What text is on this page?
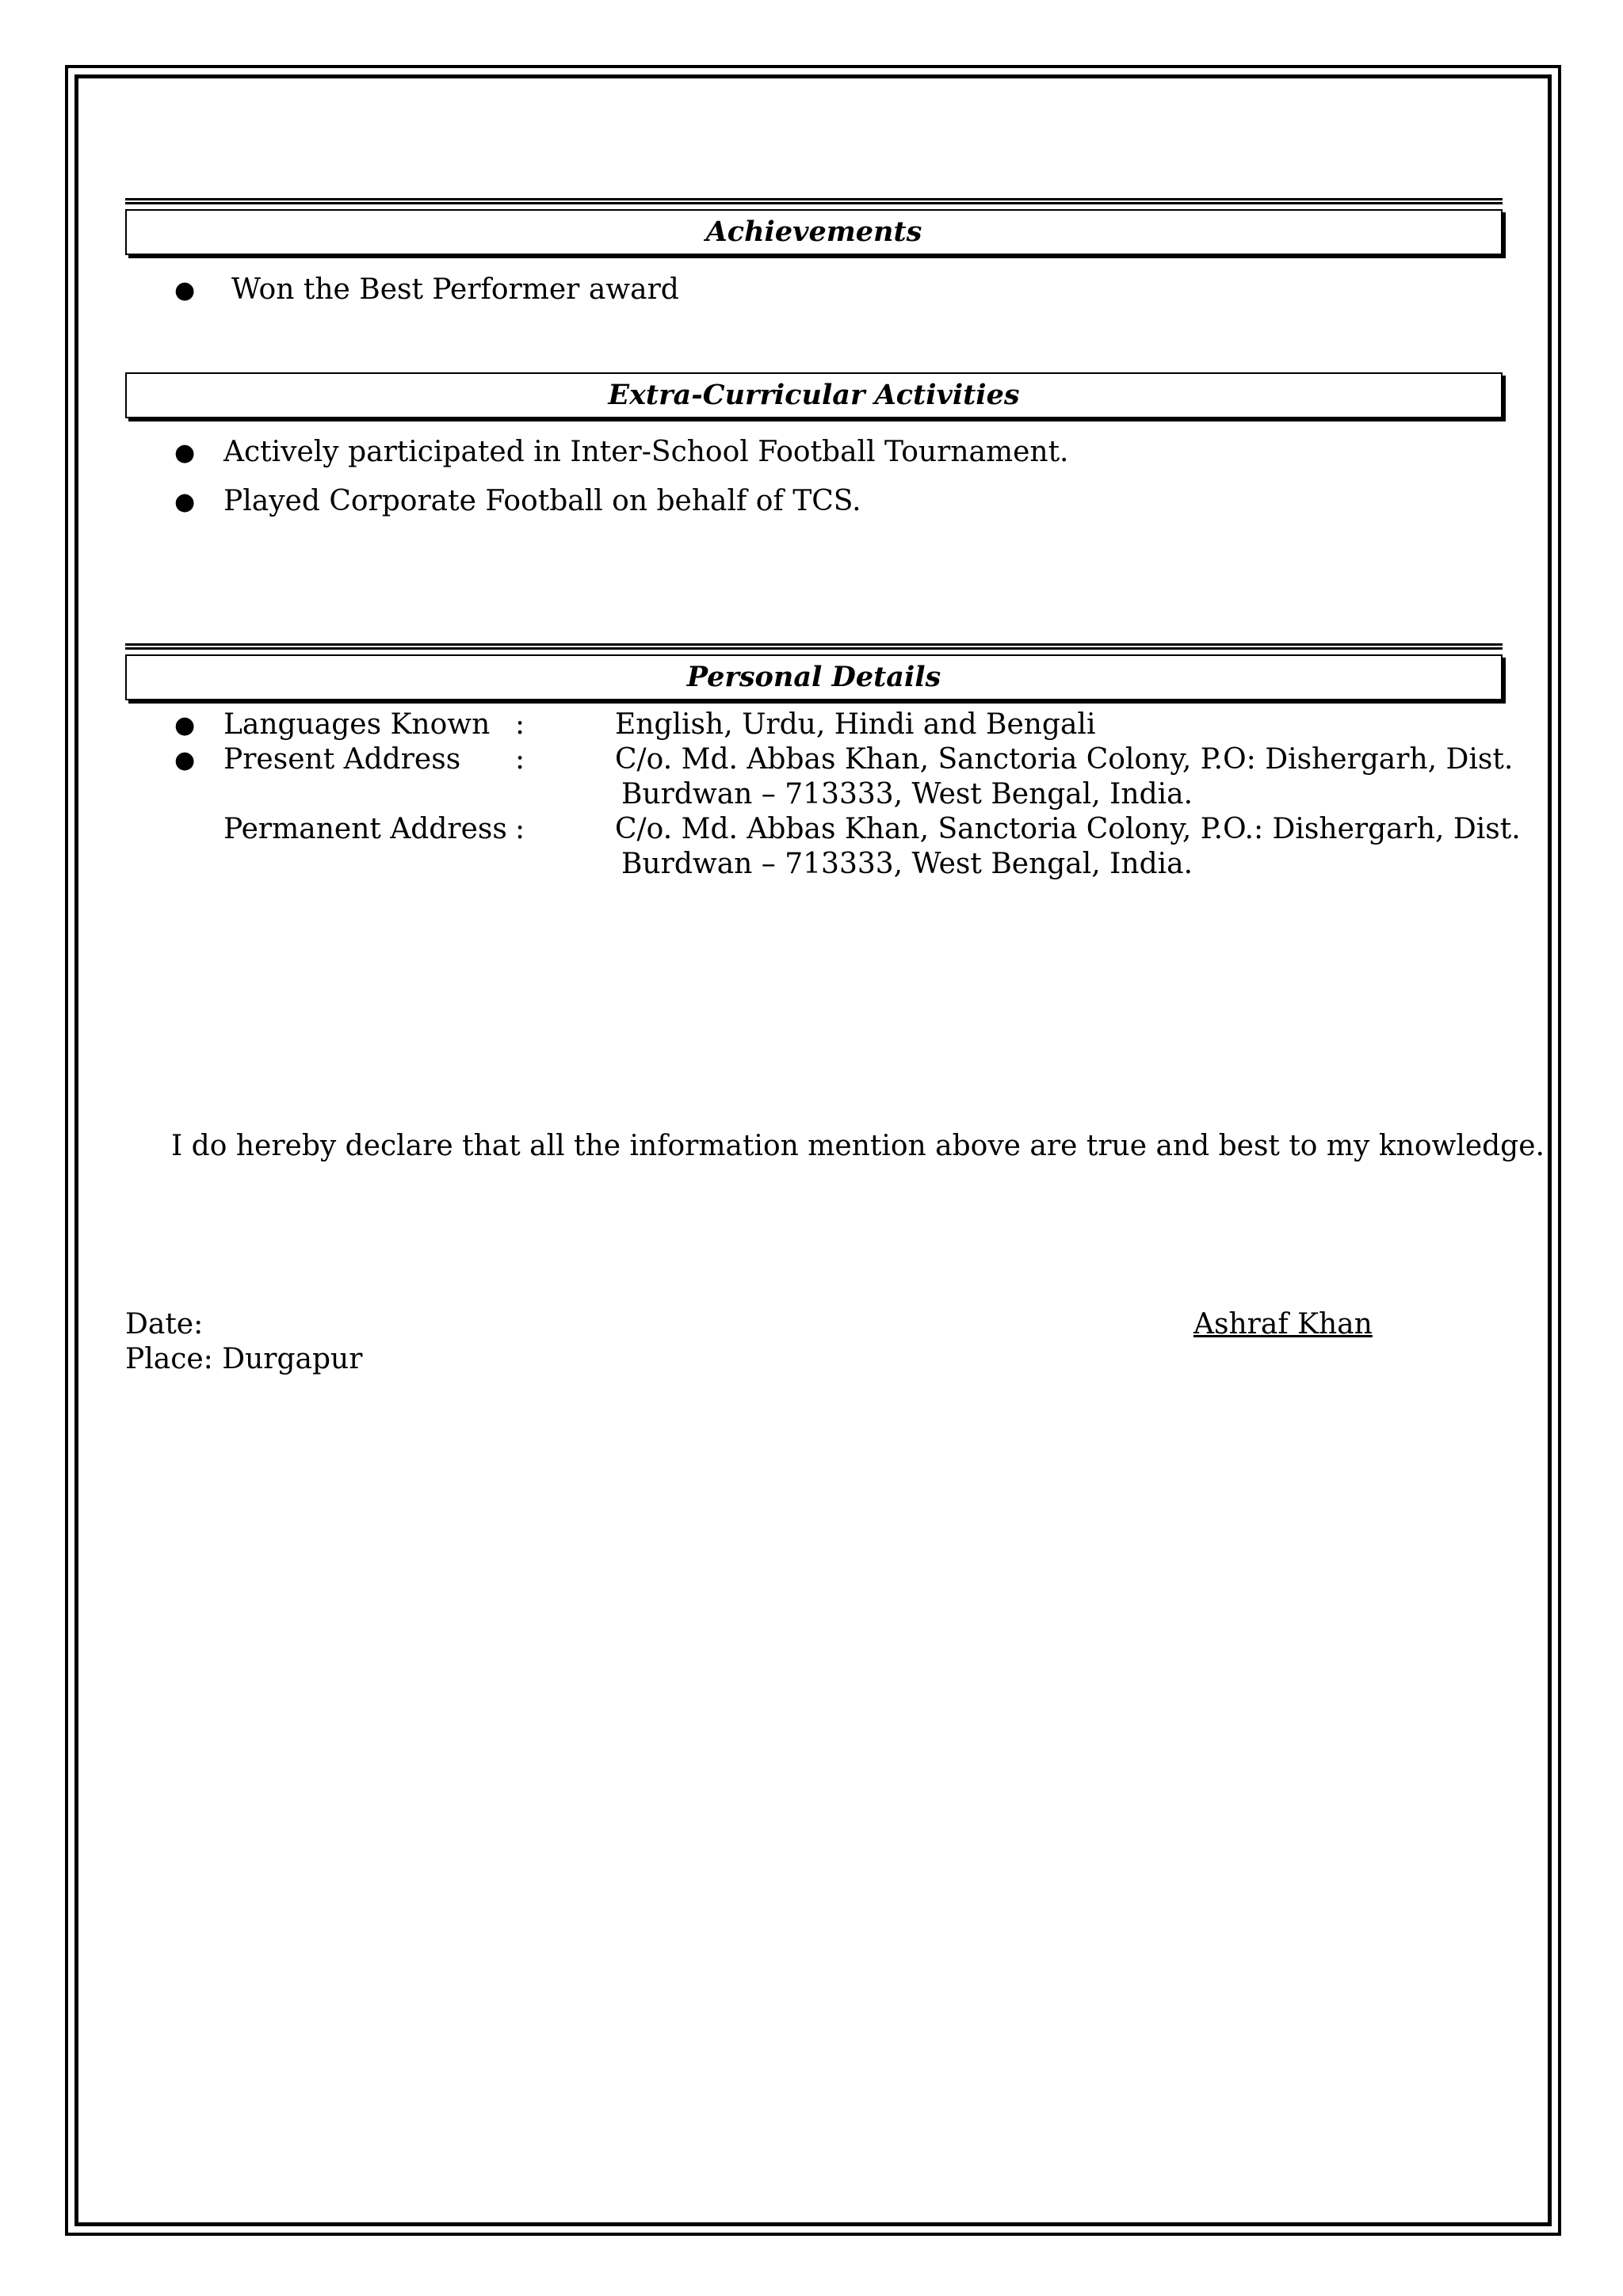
Achievements
● Won the Best Performer award
Extra-Curricular Activities
● Actively participated in Inter-School Football Tournament.
● Played Corporate Football on behalf of TCS.
Personal Details
● Languages Known :	English, Urdu, Hindi and Bengali
● Present Address :	C/o. Md. Abbas Khan, Sanctoria Colony, P.O: Dishergarh, Dist.
Burdwan – 713333, West Bengal, India.
Permanent Address :	C/o. Md. Abbas Khan, Sanctoria Colony, P.O.: Dishergarh, Dist.
Burdwan – 713333, West Bengal, India.
I do hereby declare that all the information mention above are true and best to my knowledge.
Date:
Place: Durgapur
Ashraf Khan
